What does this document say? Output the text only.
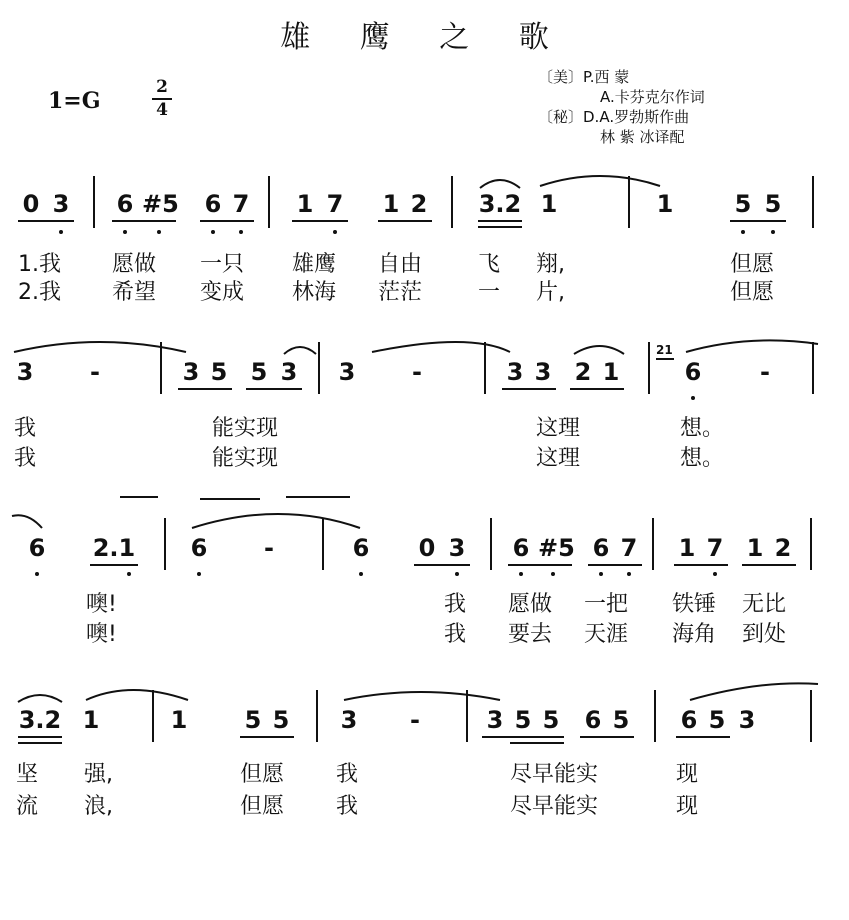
雄 鹰 之 歌
1=G
2
4
〔美〕P.西 蒙
A.卡芬克尔作词
〔秘〕D.A.罗勃斯作曲
林 紫 冰译配
0 3 6 #5 6 7 1 7 1 2 3.2 1	1	5 5
1.我 愿做 一只 雄鹰 自由	飞 翔,	但愿
2.我 希望 变成 林海 茫茫	一 片,	但愿
3	-	3 5 5 3 3	-	3 3 2 1
21
6	-
我	能实现	这理	想。
我	能实现	这理	想。
6 2.1 6	-	6 0 3 6 #5 6 7 1 7 1 2
噢!	我 愿做 一把 铁锤 无比
噢!	我 要去 天涯 海角 到处
3.2 1	1 5 5 3	-	3 5 5 6 5 6 5 3
坚 强,	但愿 我	尽早能实	现
流 浪,	但愿 我	尽早能实	现
